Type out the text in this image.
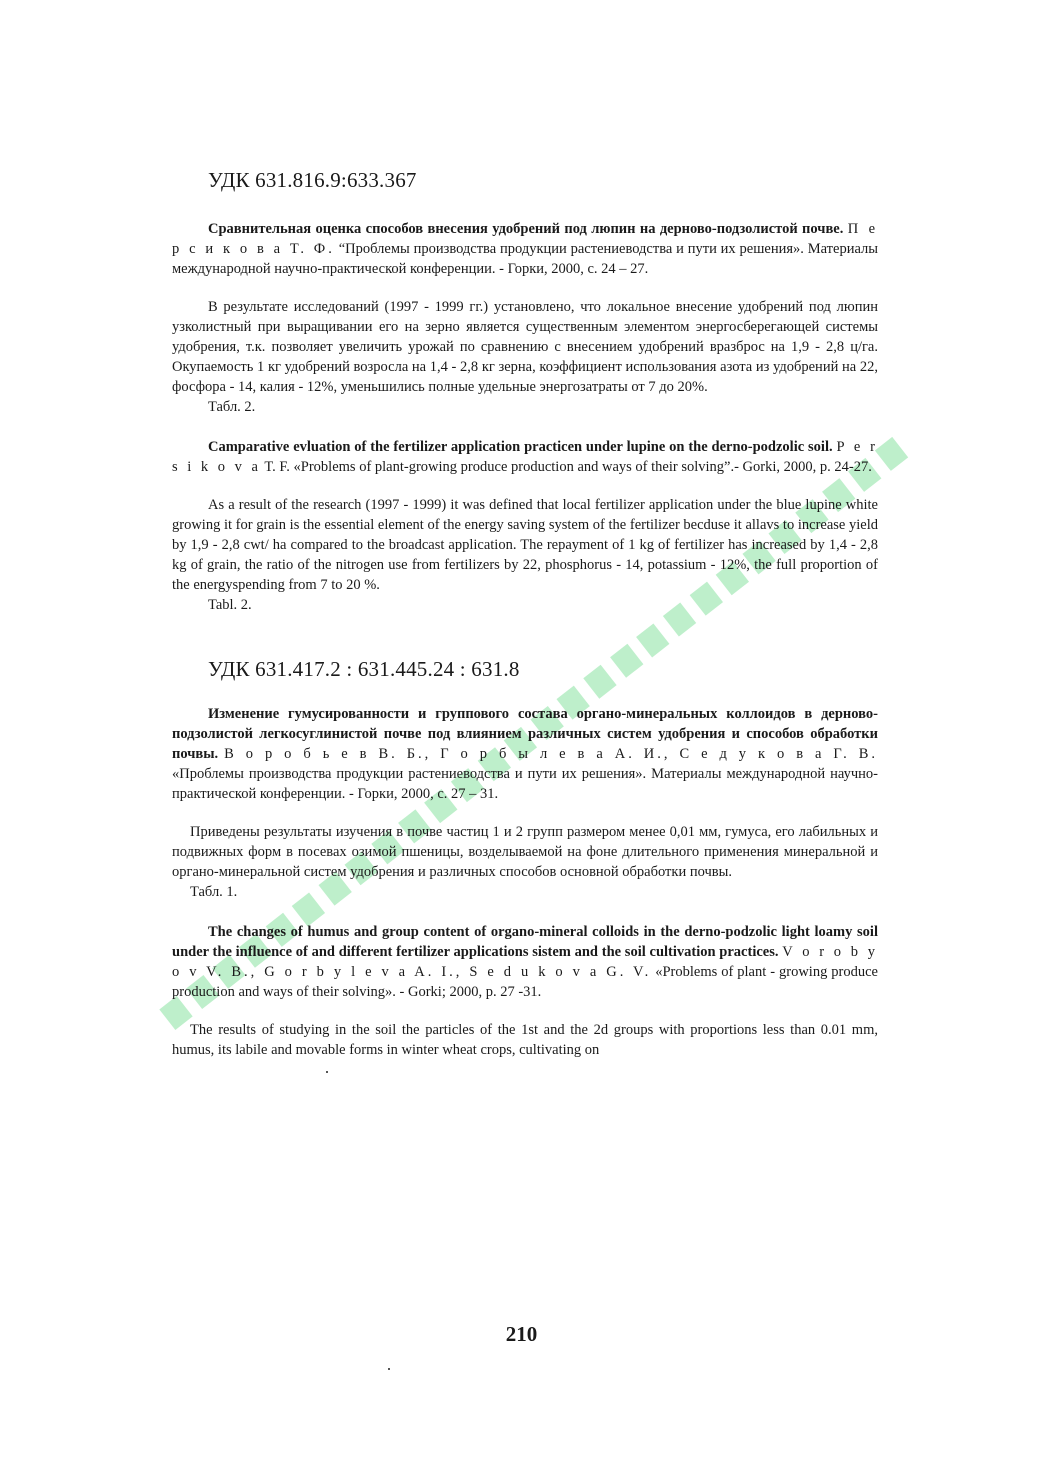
УДК 631.816.9:633.367

Сравнительная оценка способов внесения удобрений под люпин на дерново-подзолистой почве. П е р с и к о в а Т. Ф. “Проблемы производства продукции растениеводства и пути их решения». Материалы международной научно-практической конференции. - Горки, 2000, с. 24 – 27.

В результате исследований (1997 - 1999 гг.) установлено, что локальное внесение удобрений под люпин узколистный при выращивании его на зерно является существенным элементом энергосберегающей системы удобрения, т.к. позволяет увеличить урожай по сравнению с внесением удобрений вразброс на 1,9 - 2,8 ц/га. Окупаемость 1 кг удобрений возросла на 1,4 - 2,8 кг зерна, коэффициент использования азота из удобрений на 22, фосфора - 14, калия - 12%, уменьшились полные удельные энергозатраты от 7 до 20%.

Табл. 2.

Camparative evluation of the fertilizer application practicen under lupine on the derno-podzolic soil. P e r s i k o v a T. F. «Problems of plant-growing produce production and ways of their solving”.- Gorki, 2000, p. 24-27.

As a result of the research (1997 - 1999) it was defined that local fertilizer application under the blue lupine white growing it for grain is the essential element of the energy saving system of the fertilizer becduse it allavs to increase yield by 1,9 - 2,8 cwt/ ha compared to the broadcast application. The repayment of 1 kg of fertilizer has increased by 1,4 - 2,8 kg of grain, the ratio of the nitrogen use from fertilizers by 22, phosphorus - 14, potassium - 12%, the full proportion of the energyspending from 7 to 20 %.

Tabl. 2.
УДК 631.417.2 : 631.445.24 : 631.8

Изменение гумусированности и группового состава органо-минеральных коллоидов в дерново-подзолистой легкосуглинистой почве под влиянием различных систем удобрения и способов обработки почвы. В о р о б ь е в В. Б., Г о р б ы л е в а А. И., С е д у к о в а Г. В. «Проблемы производства продукции растениеводства и пути их решения». Материалы международной научно-практической конференции. - Горки, 2000, с. 27 – 31.

Приведены результаты изучения в почве частиц 1 и 2 групп размером менее 0,01 мм, гумуса, его лабильных и подвижных форм в посевах озимой пшеницы, возделываемой на фоне длительного применения минеральной и органо-минеральной систем удобрения и различных способов основной обработки почвы.

Табл. 1.

The changes of humus and group content of organo-mineral colloids in the derno-podzolic light loamy soil under the influence of and different fertilizer applications sistem and the soil cultivation practices. V o r o b y o v V. B., G o r b y l e v a A. I., S e d u k o v a G. V. «Problems of plant - growing produce production and ways of their solving». - Gorki; 2000, p. 27 -31.

The results of studying in the soil the particles of the 1st and the 2d groups with proportions less than 0.01 mm, humus, its labile and movable forms in winter wheat crops, cultivating on

210
